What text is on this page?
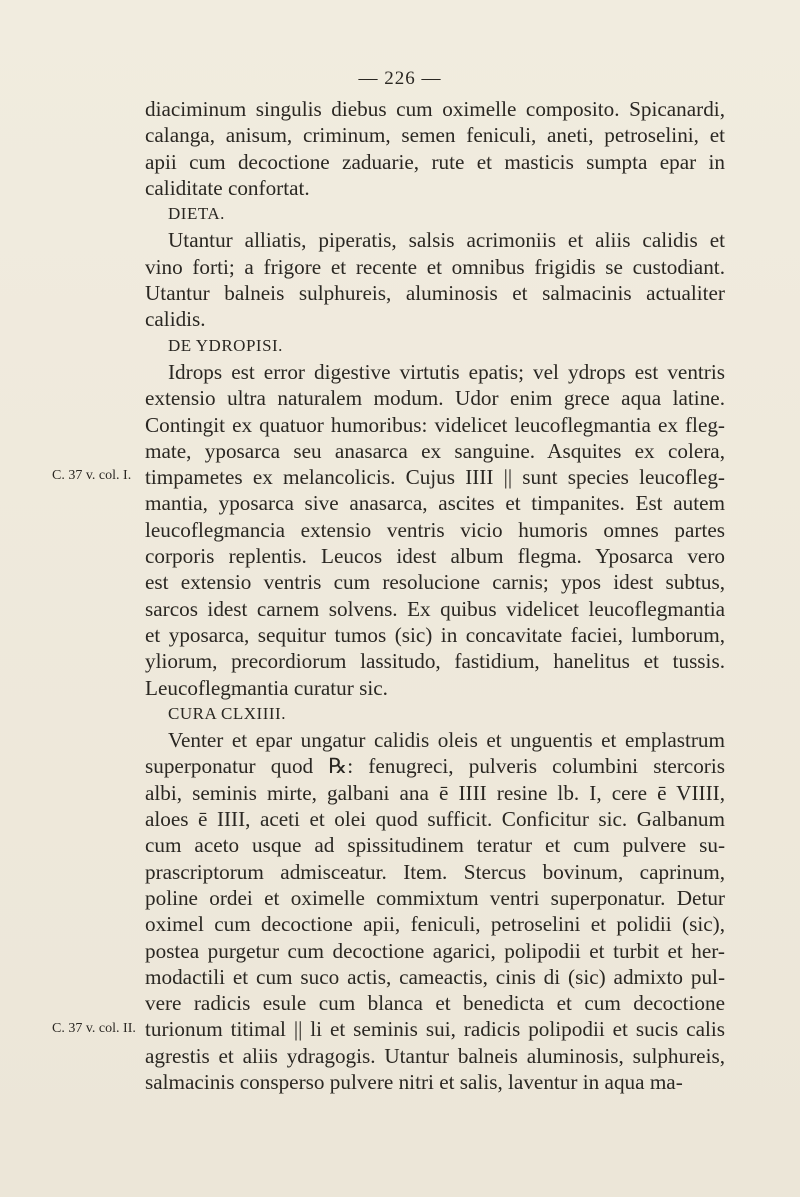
— 226 —
diaciminum singulis diebus cum oximelle composito. Spicanardi,
calanga, anisum, criminum, semen feniculi, aneti, petroselini, et
apii cum decoctione zaduarie, rute et masticis sumpta epar in
caliditate confortat.
DIETA.
Utantur alliatis, piperatis, salsis acrimoniis et aliis calidis et
vino forti; a frigore et recente et omnibus frigidis se custodiant.
Utantur balneis sulphureis, aluminosis et salmacinis actualiter
calidis.
DE YDROPISI.
Idrops est error digestive virtutis epatis; vel ydrops est ventris
extensio ultra naturalem modum. Udor enim grece aqua latine.
Contingit ex quatuor humoribus: videlicet leucoflegmantia ex fleg-
mate, yposarca seu anasarca ex sanguine. Asquites ex colera,
timpametes ex melancolicis. Cujus IIII || sunt species leucofleg-
mantia, yposarca sive anasarca, ascites et timpanites. Est autem
leucoflegmancia extensio ventris vicio humoris omnes partes
corporis replentis. Leucos idest album flegma. Yposarca vero
est extensio ventris cum resolucione carnis; ypos idest subtus,
sarcos idest carnem solvens. Ex quibus videlicet leucoflegmantia
et yposarca, sequitur tumos (sic) in concavitate faciei, lumborum,
yliorum, precordiorum lassitudo, fastidium, hanelitus et tussis.
Leucoflegmantia curatur sic.
CURA CLXIIII.
Venter et epar ungatur calidis oleis et unguentis et emplastrum
superponatur quod ℞: fenugreci, pulveris columbini stercoris
albi, seminis mirte, galbani ana ē IIII resine lb. I, cere ē VIIII,
aloes ē IIII, aceti et olei quod sufficit. Conficitur sic. Galbanum
cum aceto usque ad spissitudinem teratur et cum pulvere su-
prascriptorum admisceatur. Item. Stercus bovinum, caprinum,
poline ordei et oximelle commixtum ventri superponatur. Detur
oximel cum decoctione apii, feniculi, petroselini et polidii (sic),
postea purgetur cum decoctione agarici, polipodii et turbit et her-
modactili et cum suco actis, cameactis, cinis di (sic) admixto pul-
vere radicis esule cum blanca et benedicta et cum decoctione
turionum titimal || li et seminis sui, radicis polipodii et sucis calis
agrestis et aliis ydragogis. Utantur balneis aluminosis, sulphureis,
salmacinis consperso pulvere nitri et salis, laventur in aqua ma-
C. 37 v. col. I.
C. 37 v. col. II.
